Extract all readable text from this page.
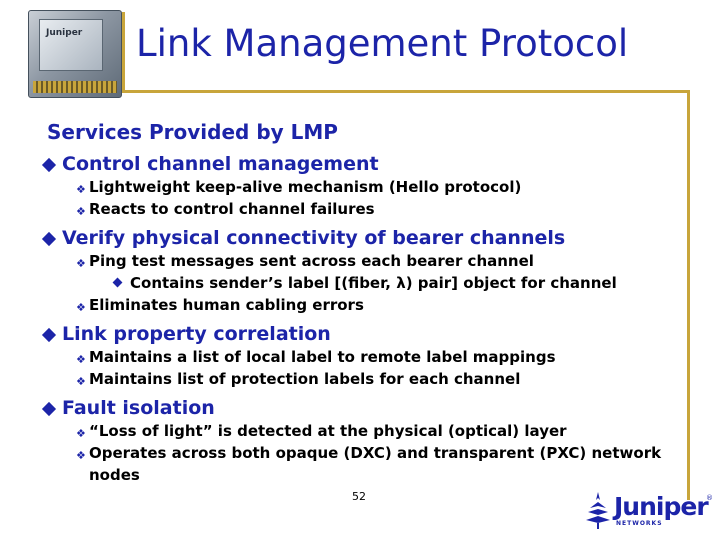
Juniper Link Management Protocol
Services Provided by LMP
Control channel management
❖ Lightweight keep-alive mechanism (Hello protocol)
❖ Reacts to control channel failures
Verify physical connectivity of bearer channels
❖ Ping test messages sent across each bearer channel
Contains sender’s label [(fiber, λ) pair] object for channel
❖ Eliminates human cabling errors
Link property correlation
❖ Maintains a list of local label to remote label mappings
❖ Maintains list of protection labels for each channel
Fault isolation
❖ “Loss of light” is detected at the physical (optical) layer
❖ Operates across both opaque (DXC) and transparent (PXC) network nodes
52	Juniper
NETWORKS
®
